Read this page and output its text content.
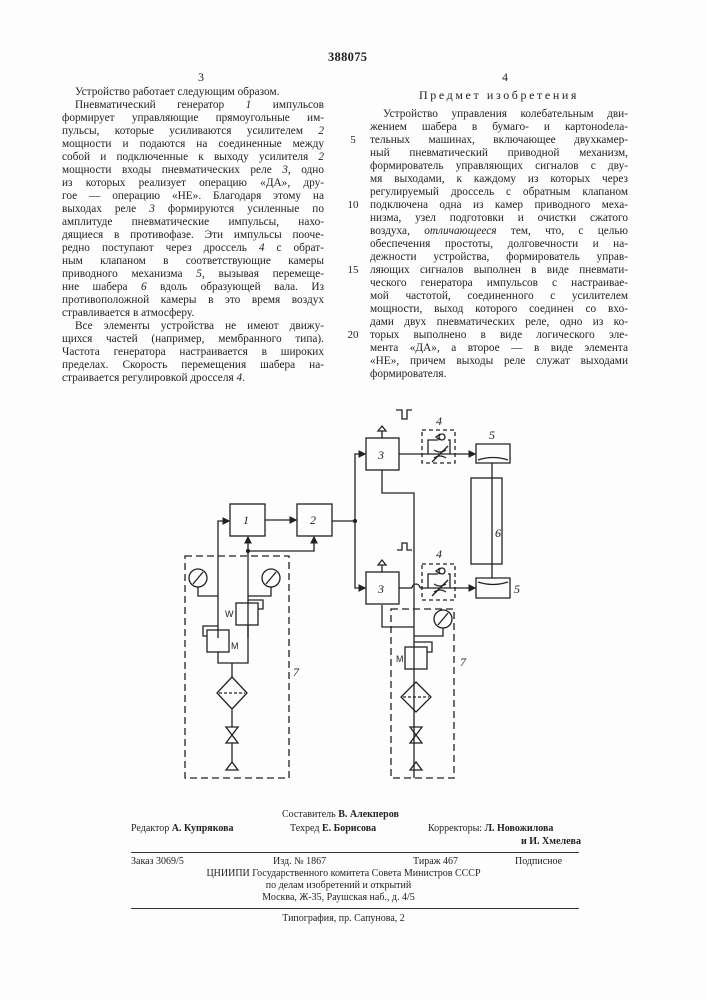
388075
3	4
Предмет изобретения
Устройство работает следующим образом.
Пневматический генератор 1 импульсов
формирует управляющие прямоугольные им-
пульсы, которые усиливаются усилителем 2
мощности и подаются на соединенные между
собой и подключенные к выходу усилителя 2
мощности входы пневматических реле 3, одно
из которых реализует операцию «ДА», дру-
гое — операцию «НЕ». Благодаря этому на
выходах реле 3 формируются усиленные по
амплитуде пневматические импульсы, нахо-
дящиеся в противофазе. Эти импульсы пооче-
редно поступают через дроссель 4 с обрат-
ным клапаном в соответствующие камеры
приводного механизма 5, вызывая перемеще-
ние шабера 6 вдоль образующей вала. Из
противоположной камеры в это время воздух
стравливается в атмосферу.
Все элементы устройства не имеют движу-
щихся частей (например, мембранного типа).
Частота генератора настраивается в широких
пределах. Скорость перемещения шабера на-
страивается регулировкой дросселя 4.
Устройство управления колебательным дви-
жением шабера в бумаго- и картоноdела-
тельных машинах, включающее двухкамер-
ный пневматический приводной механизм,
формирователь управляющих сигналов с дву-
мя выходами, к каждому из которых через
регулируемый дроссель с обратным клапаном
подключена одна из камер приводного меха-
низма, узел подготовки и очистки сжатого
воздуха, отличающееся тем, что, с целью
обеспечения простоты, долговечности и на-
дежности устройства, формирователь управ-
ляющих сигналов выполнен в виде пневмати-
ческого генератора импульсов с настраивае-
мой частотой, соединенного с усилителем
мощности, выход которого соединен со вхо-
дами двух пневматических реле, одно из ко-
торых выполнено в виде логического эле-
мента «ДА», а второе — в виде элемента
«НЕ», причем выходы реле служат выходами
формирователя.
5
10
15
20
1	2
3
3
4
4
5
5
6
7
7
W
M
M
Составитель В. Алекперов
Редактор А. Купрякова	Техред Е. Борисова	Корректоры: Л. Новожилова
и И. Хмелева
Заказ 3069/5	Изд. № 1867	Тираж 467	Подписное
ЦНИИПИ Государственного комитета Совета Министров СССР
по делам изобретений и открытий
Москва, Ж-35, Раушская наб., д. 4/5
Типография, пр. Сапунова, 2
